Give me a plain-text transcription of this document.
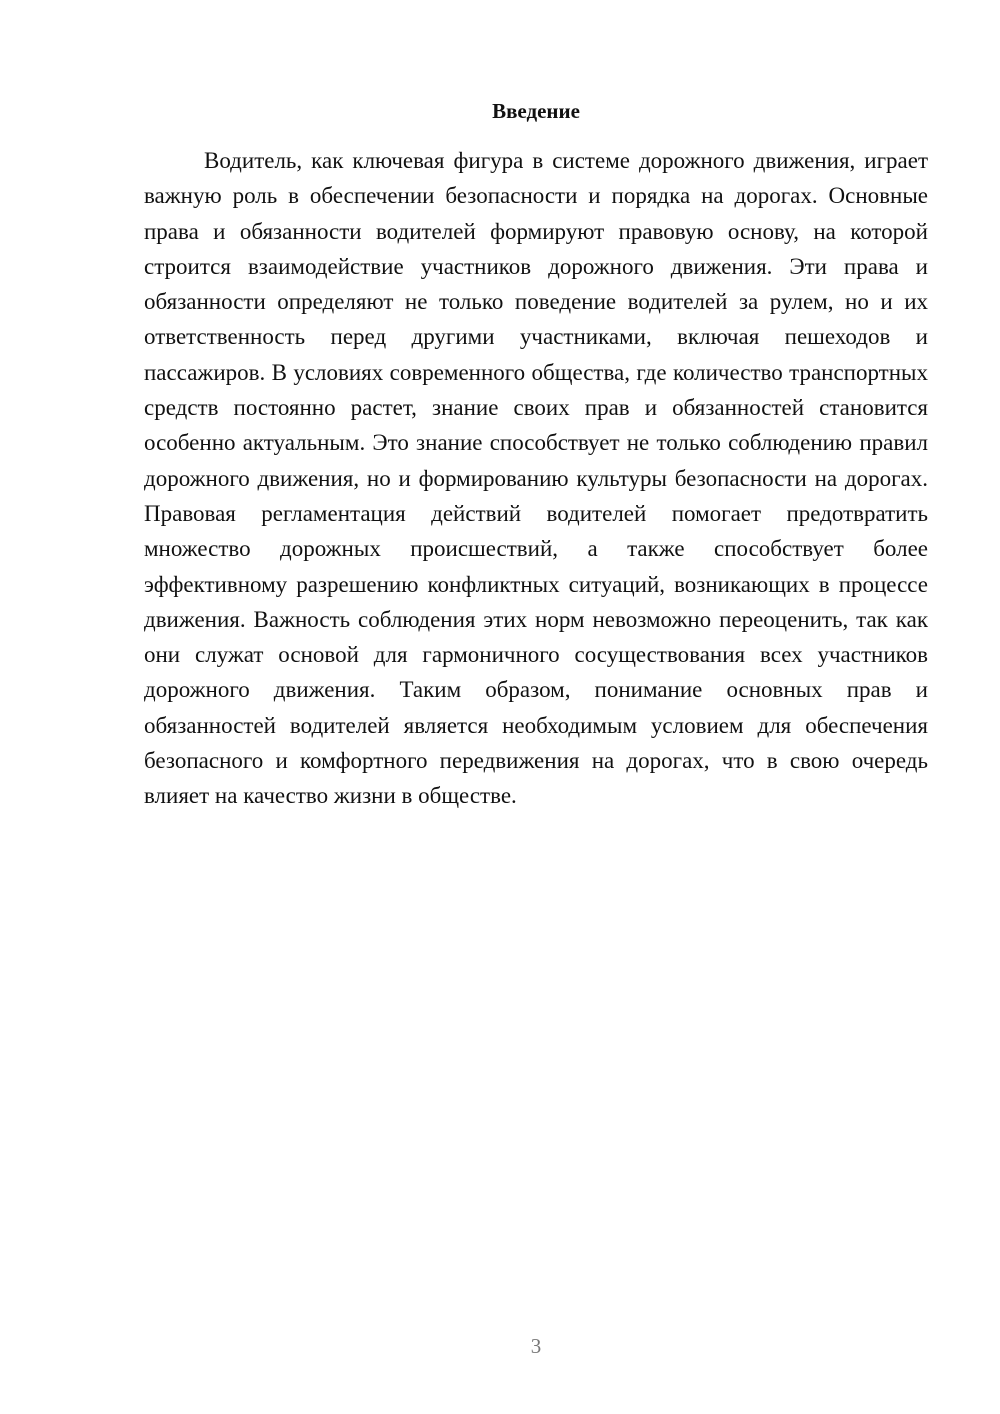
Введение

Водитель, как ключевая фигура в системе дорожного движения, играет важную роль в обеспечении безопасности и порядка на дорогах. Основные права и обязанности водителей формируют правовую основу, на которой строится взаимодействие участников дорожного движения. Эти права и обязанности определяют не только поведение водителей за рулем, но и их ответственность перед другими участниками, включая пешеходов и пассажиров. В условиях современного общества, где количество транспортных средств постоянно растет, знание своих прав и обязанностей становится особенно актуальным. Это знание способствует не только соблюдению правил дорожного движения, но и формированию культуры безопасности на дорогах. Правовая регламентация действий водителей помогает предотвратить множество дорожных происшествий, а также способствует более эффективному разрешению конфликтных ситуаций, возникающих в процессе движения. Важность соблюдения этих норм невозможно переоценить, так как они служат основой для гармоничного сосуществования всех участников дорожного движения. Таким образом, понимание основных прав и обязанностей водителей является необходимым условием для обеспечения безопасного и комфортного передвижения на дорогах, что в свою очередь влияет на качество жизни в обществе.

3
